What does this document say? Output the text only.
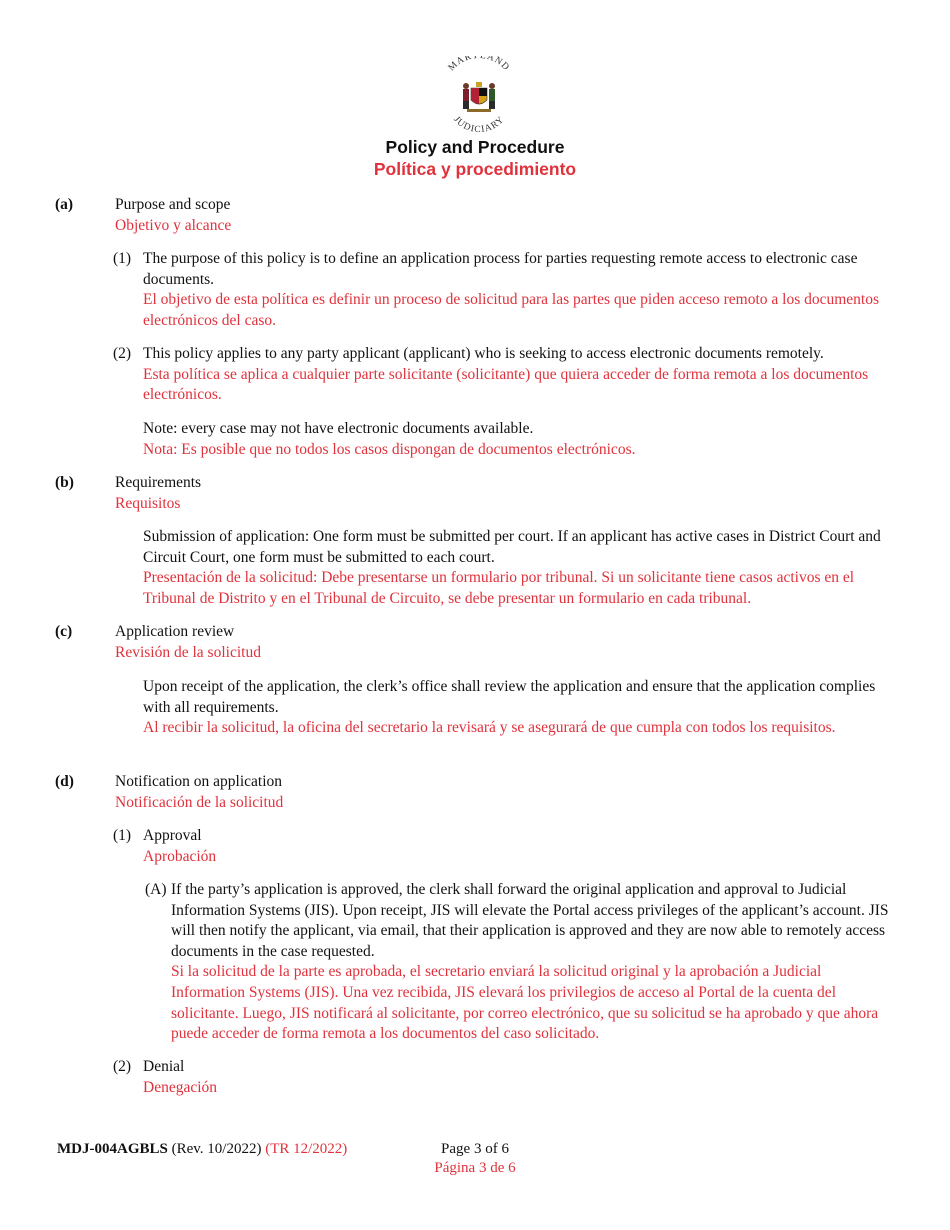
MARYLAND
JUDICIARY
Policy and Procedure
Política y procedimiento
(a)	Purpose and scope
Objetivo y alcance
(1) The purpose of this policy is to define an application process for parties requesting remote access to electronic case documents.
El objetivo de esta política es definir un proceso de solicitud para las partes que piden acceso remoto a los documentos electrónicos del caso.
(2) This policy applies to any party applicant (applicant) who is seeking to access electronic documents remotely.
Esta política se aplica a cualquier parte solicitante (solicitante) que quiera acceder de forma remota a los documentos electrónicos.
Note: every case may not have electronic documents available.
Nota: Es posible que no todos los casos dispongan de documentos electrónicos.
(b)	Requirements
Requisitos
Submission of application: One form must be submitted per court. If an applicant has active cases in District Court and Circuit Court, one form must be submitted to each court.
Presentación de la solicitud: Debe presentarse un formulario por tribunal. Si un solicitante tiene casos activos en el Tribunal de Distrito y en el Tribunal de Circuito, se debe presentar un formulario en cada tribunal.
(c)	Application review
Revisión de la solicitud
Upon receipt of the application, the clerk’s office shall review the application and ensure that the application complies with all requirements.
Al recibir la solicitud, la oficina del secretario la revisará y se asegurará de que cumpla con todos los requisitos.
(d)	Notification on application
Notificación de la solicitud
(1) Approval
Aprobación
(A) If the party’s application is approved, the clerk shall forward the original application and approval to Judicial Information Systems (JIS). Upon receipt, JIS will elevate the Portal access privileges of the applicant’s account. JIS will then notify the applicant, via email, that their application is approved and they are now able to remotely access documents in the case requested.
Si la solicitud de la parte es aprobada, el secretario enviará la solicitud original y la aprobación a Judicial Information Systems (JIS). Una vez recibida, JIS elevará los privilegios de acceso al Portal de la cuenta del solicitante. Luego, JIS notificará al solicitante, por correo electrónico, que su solicitud se ha aprobado y que ahora puede acceder de forma remota a los documentos del caso solicitado.
(2) Denial
Denegación
MDJ-004AGBLS (Rev. 10/2022) (TR 12/2022)	Page 3 of 6
Página 3 de 6
